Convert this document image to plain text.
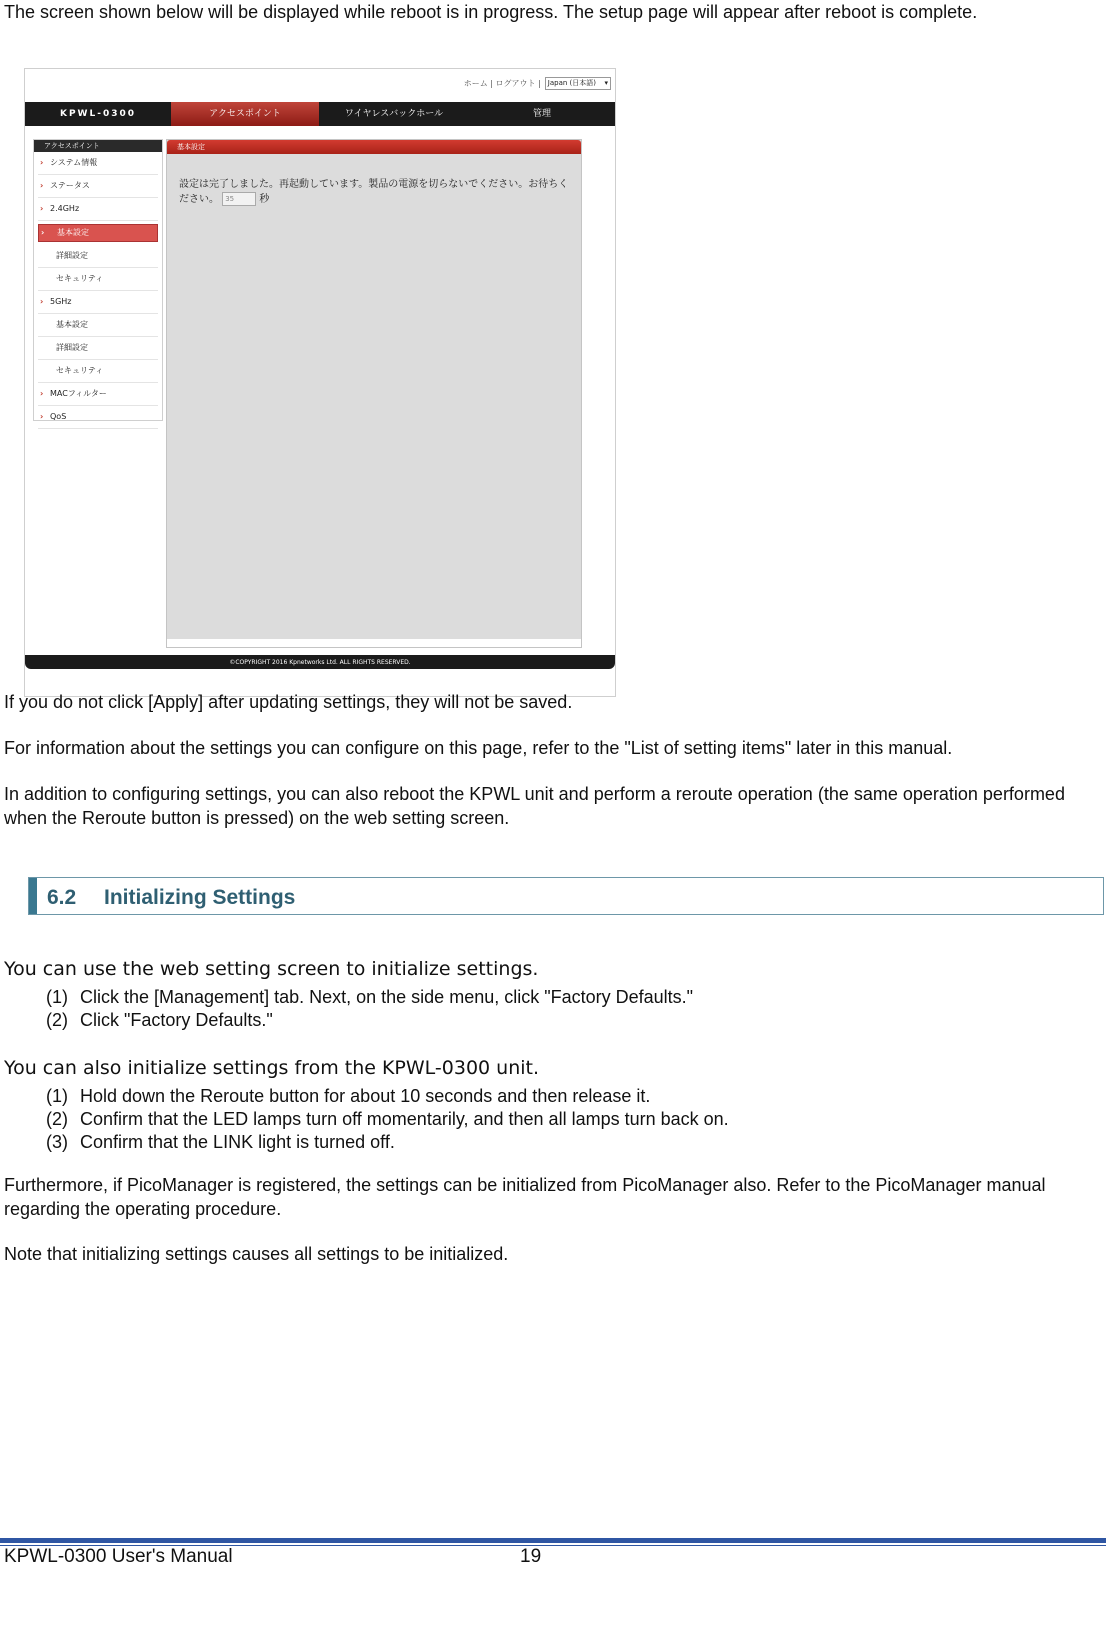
The screen shown below will be displayed while reboot is in progress. The setup page will appear after reboot is complete.

ホーム | ログアウト |	Japan (日本語) ▾
KPWL-0300	アクセスポイント	ワイヤレスバックホール	管理
アクセスポイント
› システム情報
› ステータス
› 2.4GHz
› 基本設定
詳細設定
セキュリティ
› 5GHz
基本設定
詳細設定
セキュリティ
› MACフィルター
› QoS
基本設定
設定は完了しました。再起動しています。製品の電源を切らないでください。お待ちく
ださい。 35	秒
©COPYRIGHT 2016 Kpnetworks Ltd. ALL RIGHTS RESERVED.

If you do not click [Apply] after updating settings, they will not be saved.

For information about the settings you can configure on this page, refer to the "List of setting items" later in this manual.

In addition to configuring settings, you can also reboot the KPWL unit and perform a reroute operation (the same operation performed when the Reroute button is pressed) on the web setting screen.

6.2 Initializing Settings

You can use the web setting screen to initialize settings.

(1) Click the [Management] tab. Next, on the side menu, click "Factory Defaults."

(2) Click "Factory Defaults."

You can also initialize settings from the KPWL-0300 unit.

(1) Hold down the Reroute button for about 10 seconds and then release it.

(2) Confirm that the LED lamps turn off momentarily, and then all lamps turn back on.

(3) Confirm that the LINK light is turned off.

Furthermore, if PicoManager is registered, the settings can be initialized from PicoManager also. Refer to the PicoManager manual regarding the operating procedure.

Note that initializing settings causes all settings to be initialized.

KPWL-0300 User's Manual	19
